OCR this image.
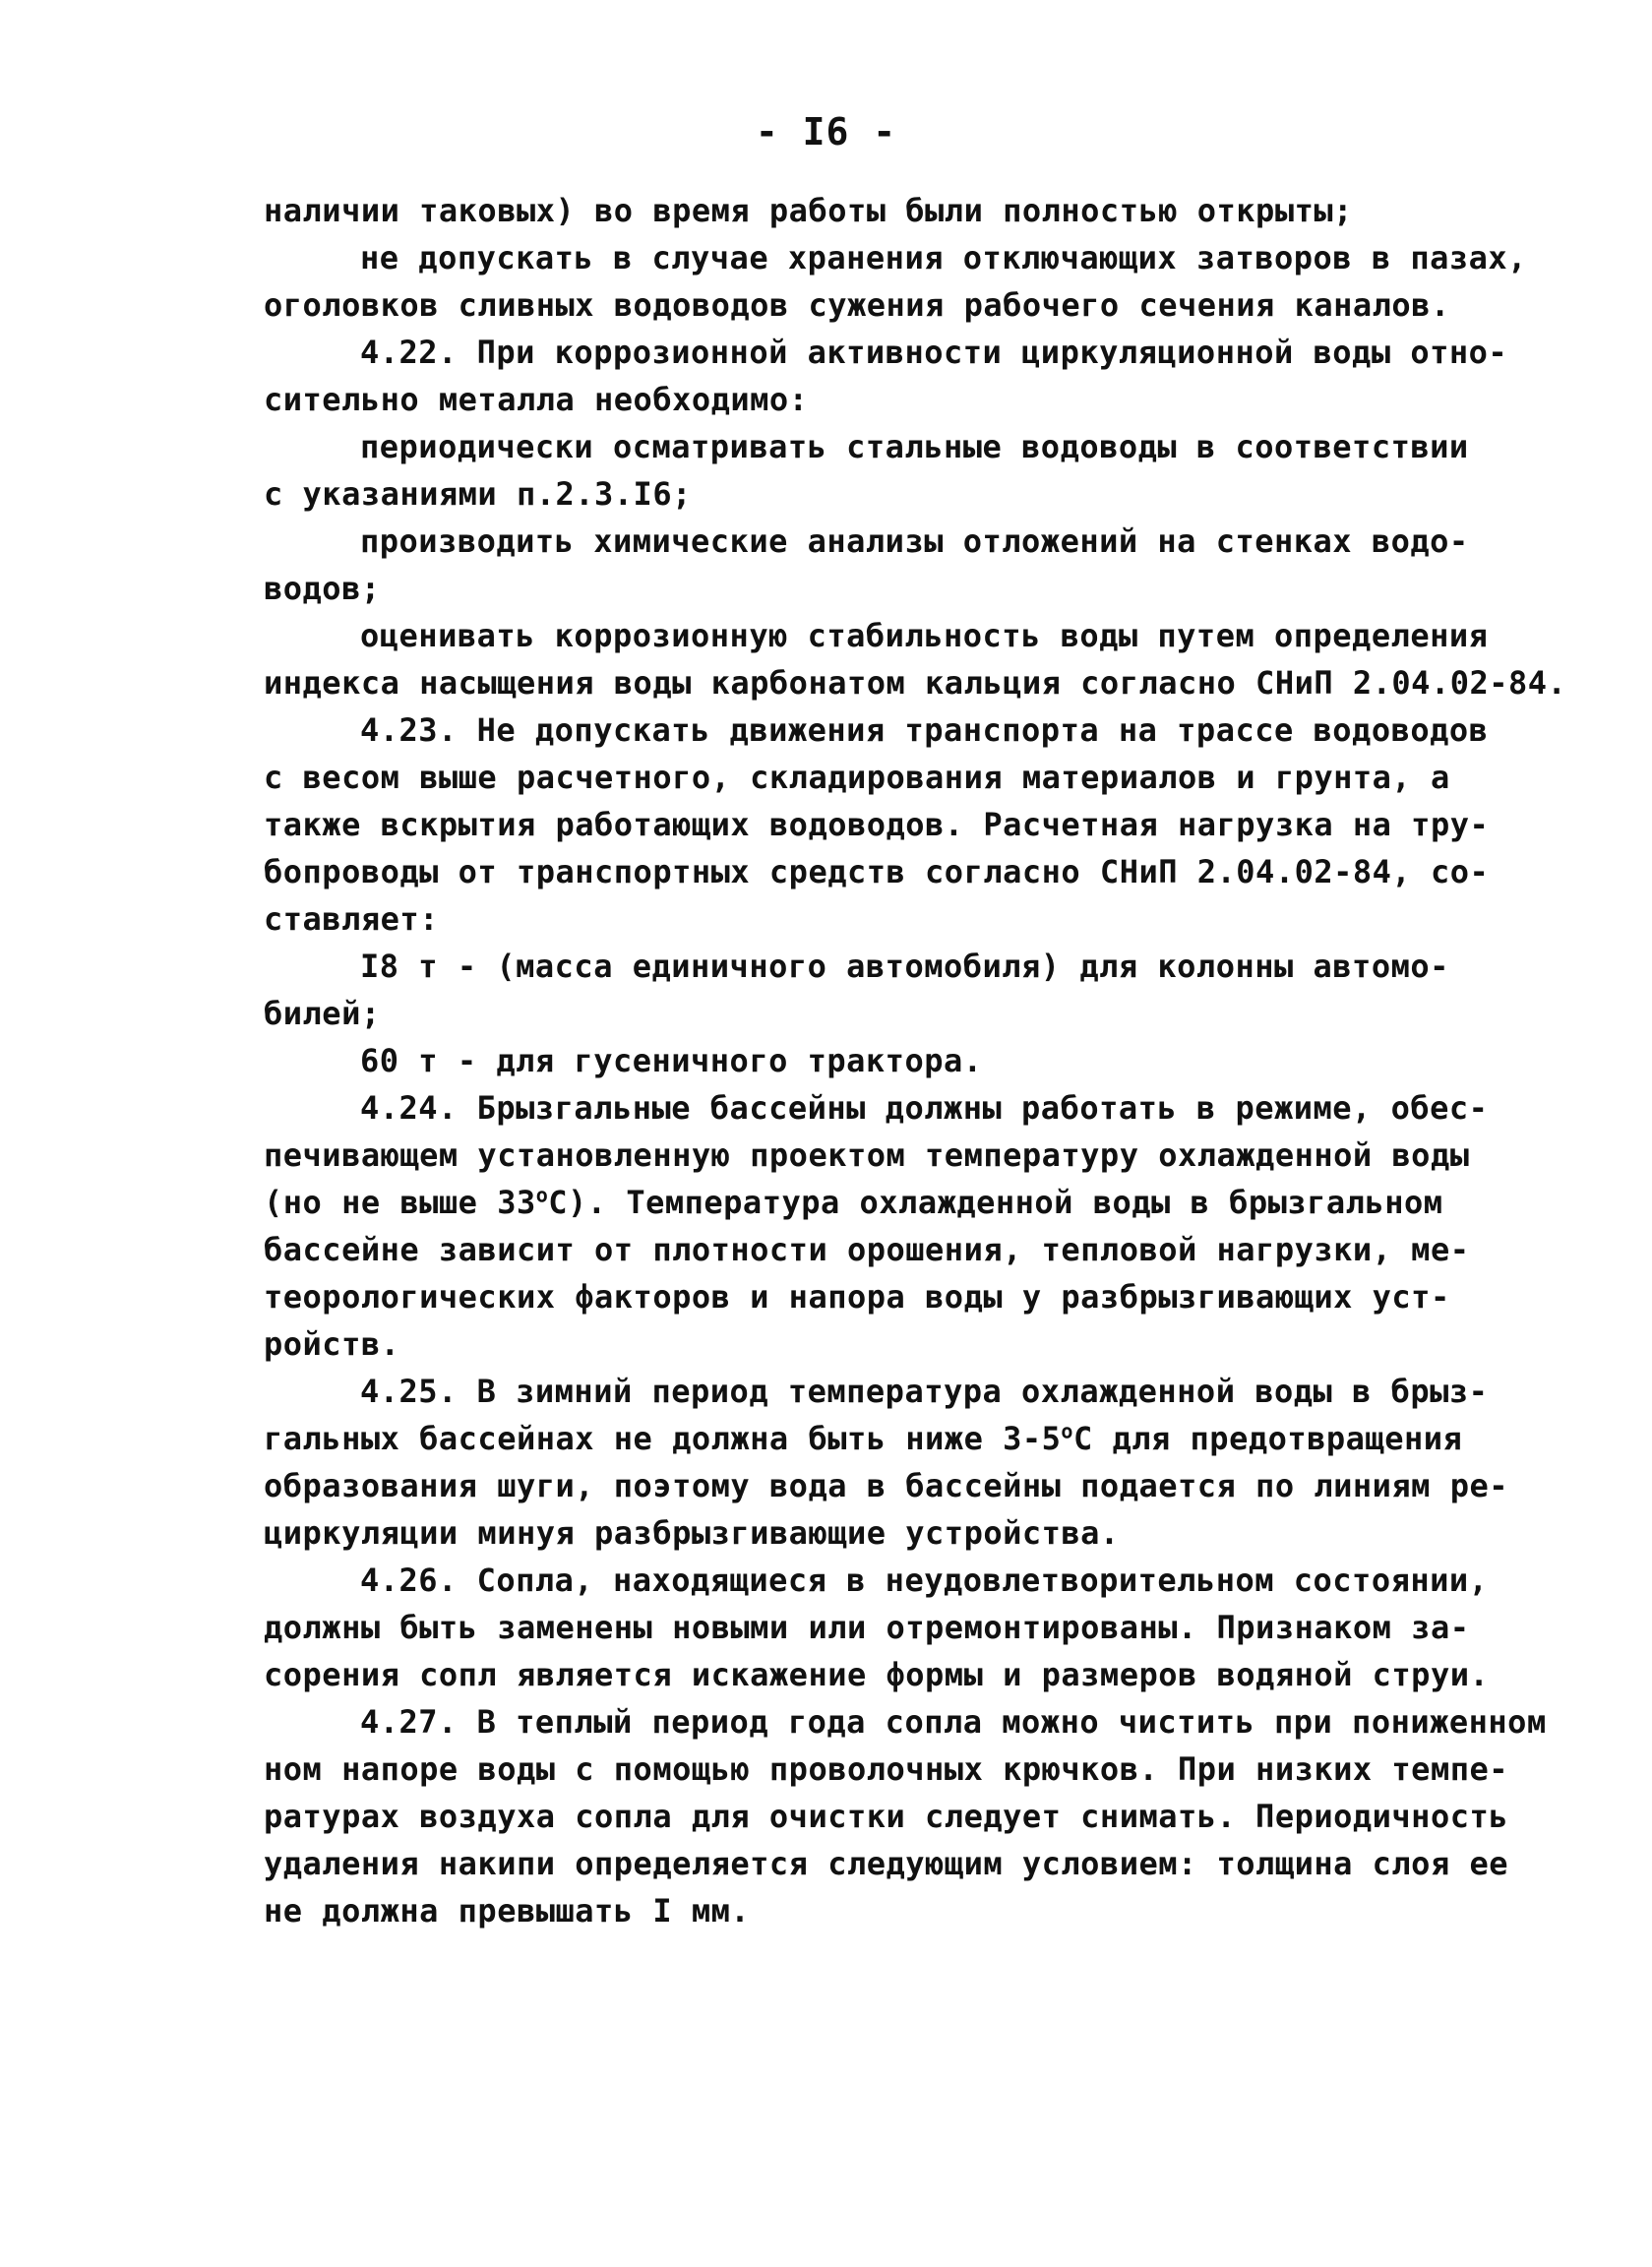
- I6 -
наличии таковых) во время работы были полностью открыты;
не допускать в случае хранения отключающих затворов в пазах,
оголовков сливных водоводов сужения рабочего сечения каналов.
4.22. При коррозионной активности циркуляционной воды отно-
сительно металла необходимо:
периодически осматривать стальные водоводы в соответствии
с указаниями п.2.3.I6;
производить химические анализы отложений на стенках водо-
водов;
оценивать коррозионную стабильность воды путем определения
индекса насыщения воды карбонатом кальция согласно СНиП 2.04.02-84.
4.23. Не допускать движения транспорта на трассе водоводов
с весом выше расчетного, складирования материалов и грунта, а
также вскрытия работающих водоводов. Расчетная нагрузка на тру-
бопроводы от транспортных средств согласно СНиП 2.04.02-84, со-
ставляет:
I8 т - (масса единичного автомобиля) для колонны автомо-
билей;
60 т - для гусеничного трактора.
4.24. Брызгальные бассейны должны работать в режиме, обес-
печивающем установленную проектом температуру охлажденной воды
(но не выше 33$^o$С). Температура охлажденной воды в брызгальном
бассейне зависит от плотности орошения, тепловой нагрузки, ме-
теорологических факторов и напора воды у разбрызгивающих уст-
ройств.
4.25. В зимний период температура охлажденной воды в брыз-
гальных бассейнах не должна быть ниже 3-5$^o$С для предотвращения
образования шуги, поэтому вода в бассейны подается по линиям ре-
циркуляции минуя разбрызгивающие устройства.
4.26. Сопла, находящиеся в неудовлетворительном состоянии,
должны быть заменены новыми или отремонтированы. Признаком за-
сорения сопл является искажение формы и размеров водяной струи.
4.27. В теплый период года сопла можно чистить при пониженном
ном напоре воды с помощью проволочных крючков. При низких темпе-
ратурах воздуха сопла для очистки следует снимать. Периодичность
удаления накипи определяется следующим условием: толщина слоя ее
не должна превышать I мм.
